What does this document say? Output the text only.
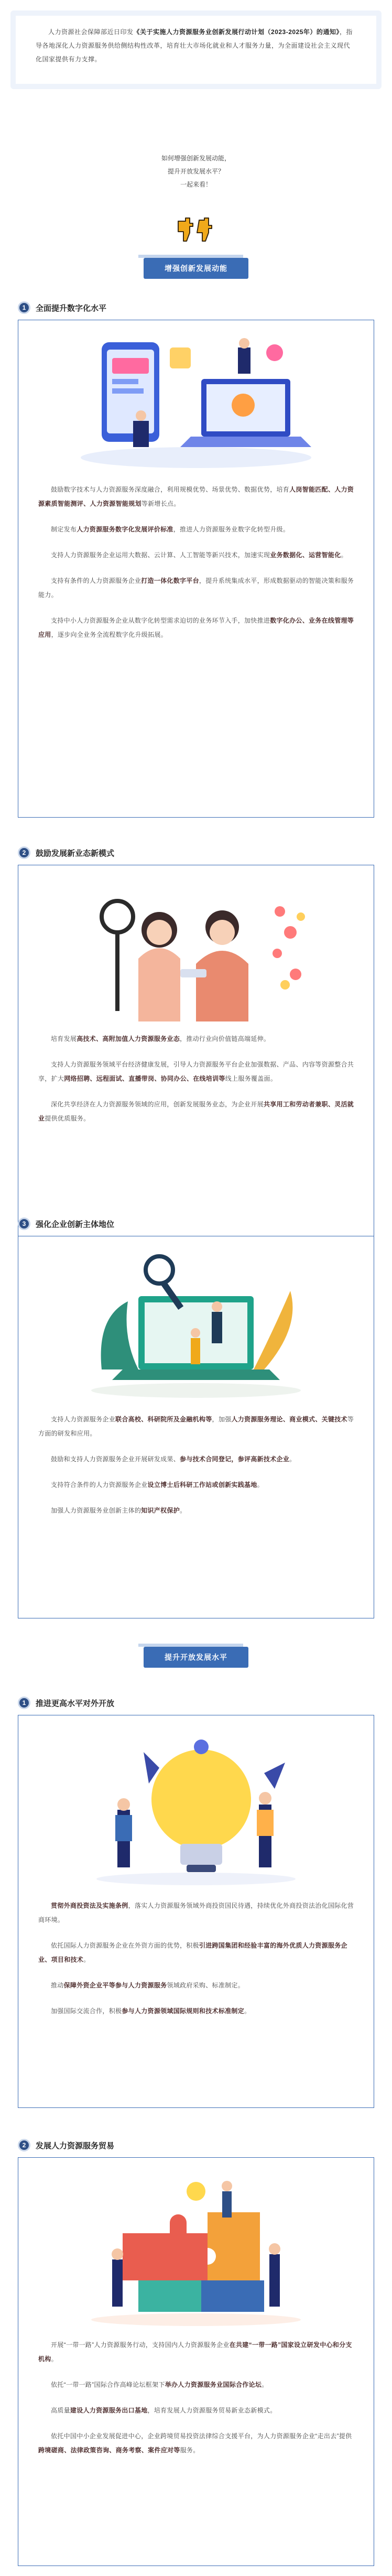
人力资源社会保障部近日印发《关于实施人力资源服务业创新发展行动计划（2023-2025年）的通知》，指导各地深化人力资源服务供给侧结构性改革，培育壮大市场化就业和人才服务力量，为全面建设社会主义现代化国家提供有力支撑。

如何增强创新发展动能，
提升开放发展水平？
一起来看！
增强创新发展动能
1	全面提升数字化水平

鼓励数字技术与人力资源服务深度融合，利用规模优势、场景优势、数据优势，培育人岗智能匹配、人力资源素质智能测评、人力资源智能规划等新增长点。

制定发布人力资源服务数字化发展评价标准，推进人力资源服务业数字化转型升级。

支持人力资源服务企业运用大数据、云计算、人工智能等新兴技术，加速实现业务数据化、运营智能化。

支持有条件的人力资源服务企业打造一体化数字平台，提升系统集成水平，形成数据驱动的智能决策和服务能力。

支持中小人力资源服务企业从数字化转型需求迫切的业务环节入手，加快推进数字化办公、业务在线管理等应用，逐步向全业务全流程数字化升级拓展。

2	鼓励发展新业态新模式

培育发展高技术、高附加值人力资源服务业态，推动行业向价值链高端延伸。

支持人力资源服务领域平台经济健康发展，引导人力资源服务平台企业加强数据、产品、内容等资源整合共享，扩大网络招聘、远程面试、直播带岗、协同办公、在线培训等线上服务覆盖面。

深化共享经济在人力资源服务领域的应用，创新发展服务业态，为企业开展共享用工和劳动者兼职、灵活就业提供优质服务。

3	强化企业创新主体地位

支持人力资源服务企业联合高校、科研院所及金融机构等，加强人力资源服务理论、商业模式、关键技术等方面的研发和应用。

鼓励和支持人力资源服务企业开展研发成果、参与技术合同登记，参评高新技术企业。

支持符合条件的人力资源服务企业设立博士后科研工作站或创新实践基地。

加强人力资源服务业创新主体的知识产权保护。

提升开放发展水平
1	推进更高水平对外开放

贯彻外商投资法及实施条例，落实人力资源服务领域外商投资国民待遇，持续优化外商投资法治化国际化营商环境。

依托国际人力资源服务企业在外资方面的优势，积极引进跨国集团和经验丰富的海外优质人力资源服务企业、项目和技术。

推动保障外资企业平等参与人力资源服务领域政府采购、标准制定。

加强国际交流合作，积极参与人力资源领域国际规则和技术标准制定。

2	发展人力资源服务贸易

开展“一带一路”人力资源服务行动，支持国内人力资源服务企业在共建“一带一路”国家设立研发中心和分支机构。

依托“一带一路”国际合作高峰论坛框架下举办人力资源服务业国际合作论坛。

高质量建设人力资源服务出口基地，培育发展人力资源服务贸易新业态新模式。

依托中国中小企业发展促进中心，企业跨境贸易投资法律综合支援平台，为人力资源服务企业“走出去”提供跨境磋商、法律政策咨询、商务考察、案件应对等服务。
